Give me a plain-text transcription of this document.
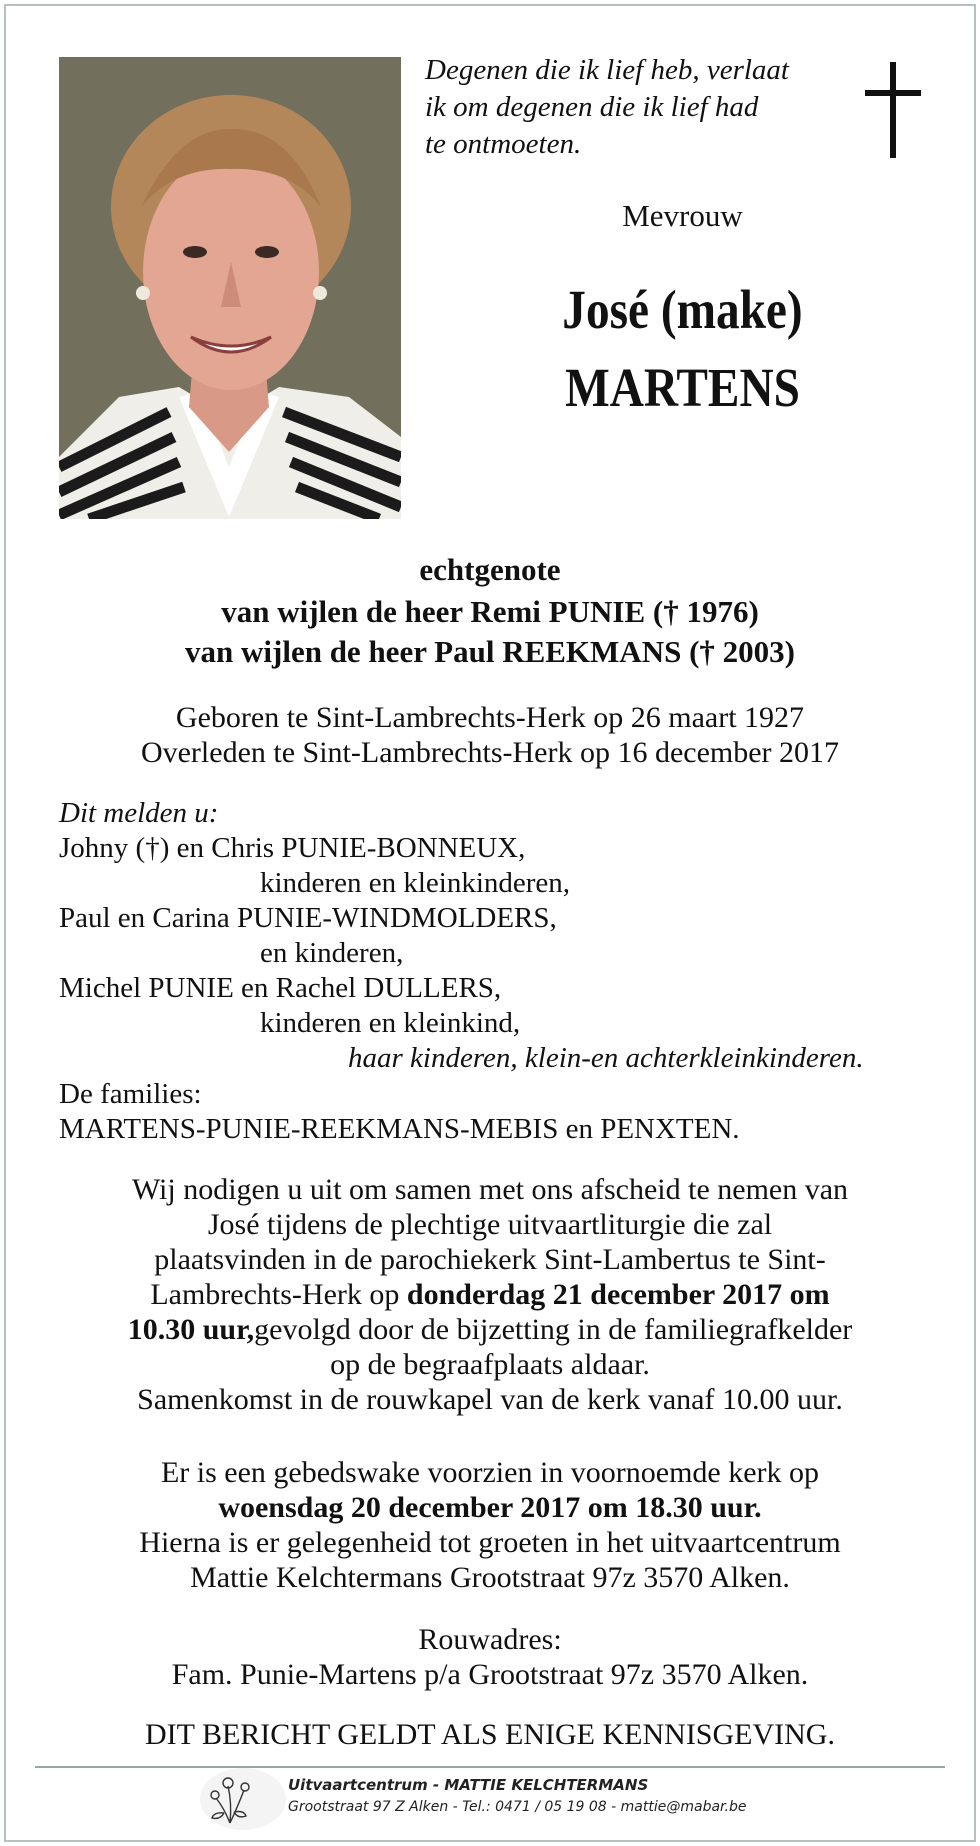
Degenen die ik lief heb, verlaat
ik om degenen die ik lief had
te ontmoeten.
Mevrouw
José (make)
MARTENS
echtgenote
van wijlen de heer Remi PUNIE († 1976)
van wijlen de heer Paul REEKMANS († 2003)
Geboren te Sint-Lambrechts-Herk op 26 maart 1927
Overleden te Sint-Lambrechts-Herk op 16 december 2017
Dit melden u:
Johny (†) en Chris PUNIE-BONNEUX,
kinderen en kleinkinderen,
Paul en Carina PUNIE-WINDMOLDERS,
en kinderen,
Michel PUNIE en Rachel DULLERS,
kinderen en kleinkind,
haar kinderen, klein-en achterkleinkinderen.
De families:
MARTENS-PUNIE-REEKMANS-MEBIS en PENXTEN.
Wij nodigen u uit om samen met ons afscheid te nemen van
José tijdens de plechtige uitvaartliturgie die zal
plaatsvinden in de parochiekerk Sint-Lambertus te Sint-
Lambrechts-Herk op donderdag 21 december 2017 om
10.30 uur,gevolgd door de bijzetting in de familiegrafkelder
op de begraafplaats aldaar.
Samenkomst in de rouwkapel van de kerk vanaf 10.00 uur.
Er is een gebedswake voorzien in voornoemde kerk op
woensdag 20 december 2017 om 18.30 uur.
Hierna is er gelegenheid tot groeten in het uitvaartcentrum
Mattie Kelchtermans Grootstraat 97z 3570 Alken.
Rouwadres:
Fam. Punie-Martens p/a Grootstraat 97z 3570 Alken.
DIT BERICHT GELDT ALS ENIGE KENNISGEVING.
Uitvaartcentrum - MATTIE KELCHTERMANS
Grootstraat 97 Z Alken - Tel.: 0471 / 05 19 08 - mattie@mabar.be
